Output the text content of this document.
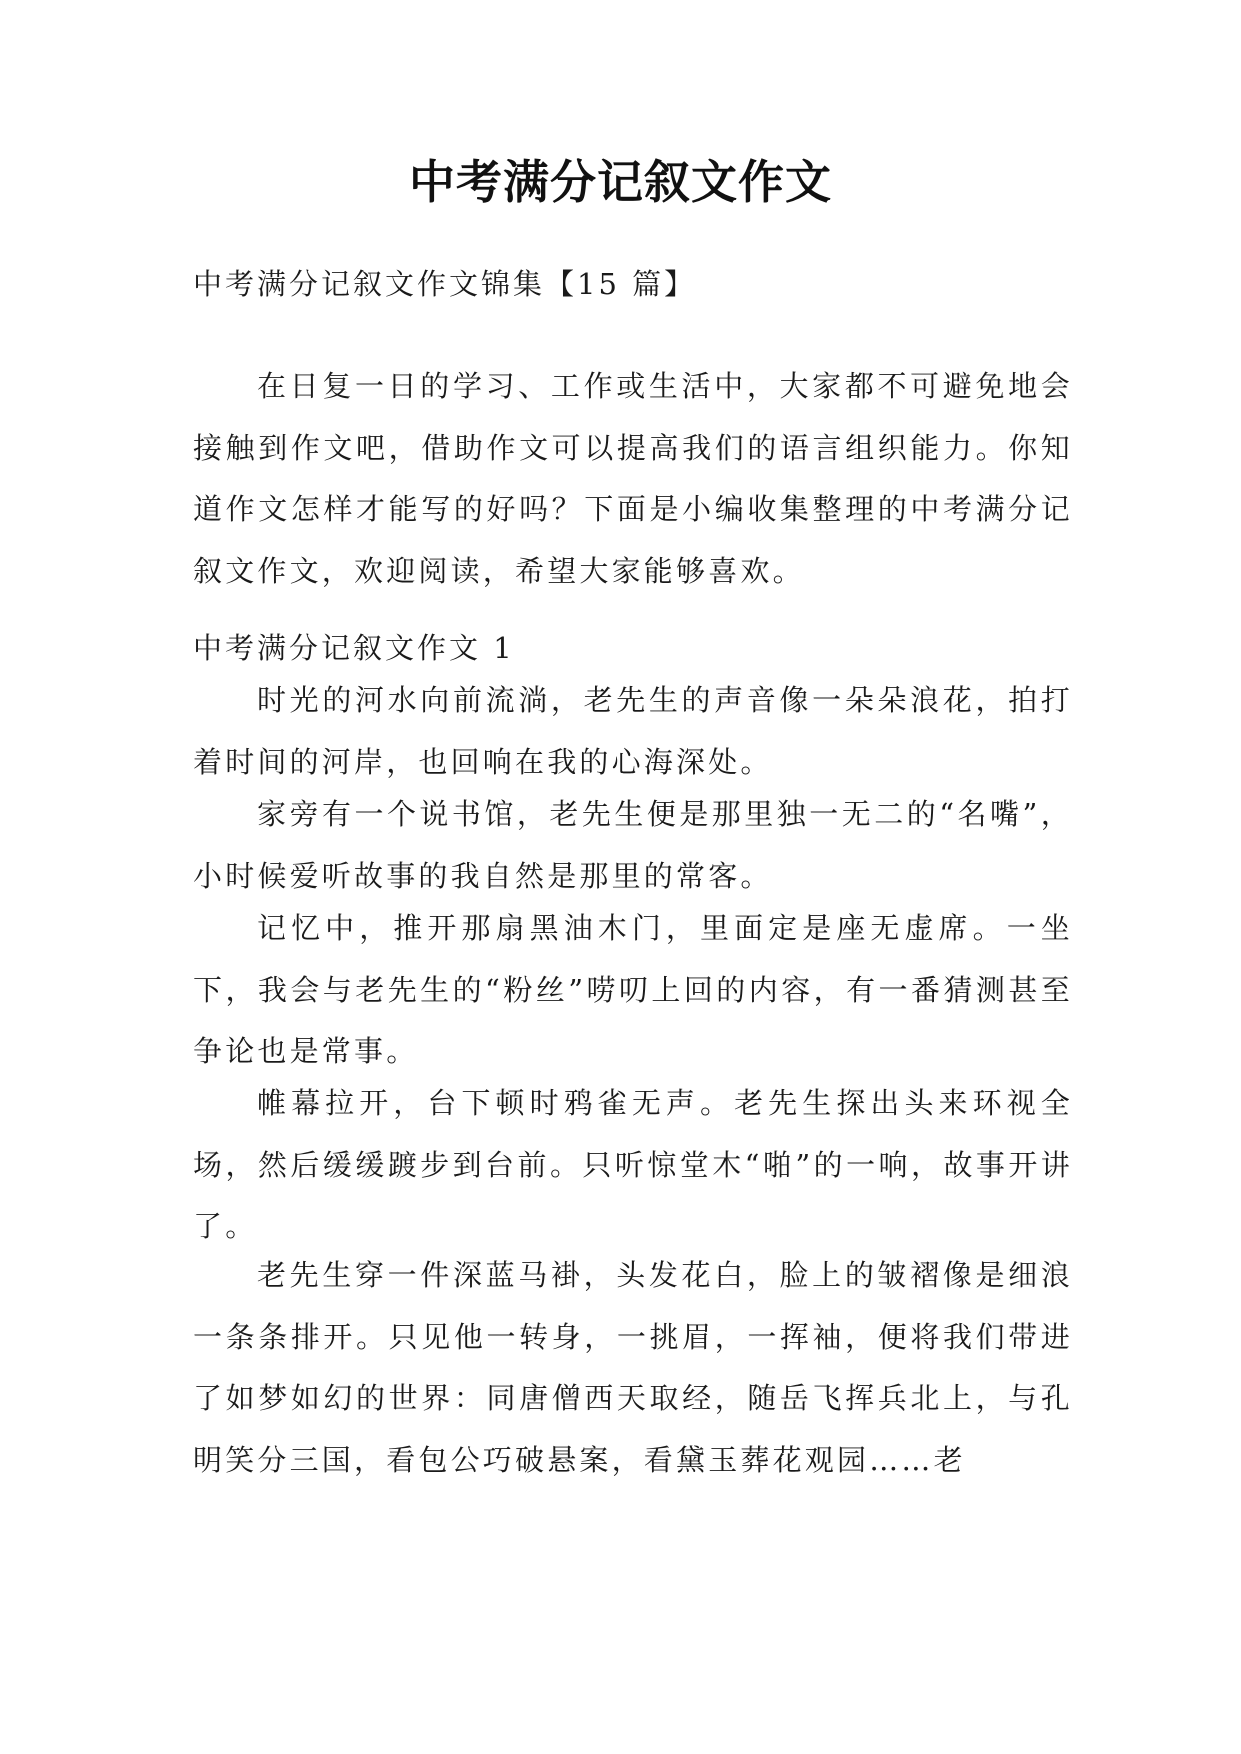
中考满分记叙文作文
中考满分记叙文作文锦集【15 篇】

在日复一日的学习、工作或生活中，大家都不可避免地会接触到作文吧，借助作文可以提高我们的语言组织能力。你知道作文怎样才能写的好吗？下面是小编收集整理的中考满分记叙文作文，欢迎阅读，希望大家能够喜欢。

中考满分记叙文作文 1

时光的河水向前流淌，老先生的声音像一朵朵浪花，拍打着时间的河岸，也回响在我的心海深处。

家旁有一个说书馆，老先生便是那里独一无二的“名嘴”，小时候爱听故事的我自然是那里的常客。

记忆中，推开那扇黑油木门，里面定是座无虚席。一坐下，我会与老先生的“粉丝”唠叨上回的内容，有一番猜测甚至争论也是常事。

帷幕拉开，台下顿时鸦雀无声。老先生探出头来环视全场，然后缓缓踱步到台前。只听惊堂木“啪”的一响，故事开讲了。

老先生穿一件深蓝马褂，头发花白，脸上的皱褶像是细浪一条条排开。只见他一转身，一挑眉，一挥袖，便将我们带进了如梦如幻的世界：同唐僧西天取经，随岳飞挥兵北上，与孔明笑分三国，看包公巧破悬案，看黛玉葬花观园……老
